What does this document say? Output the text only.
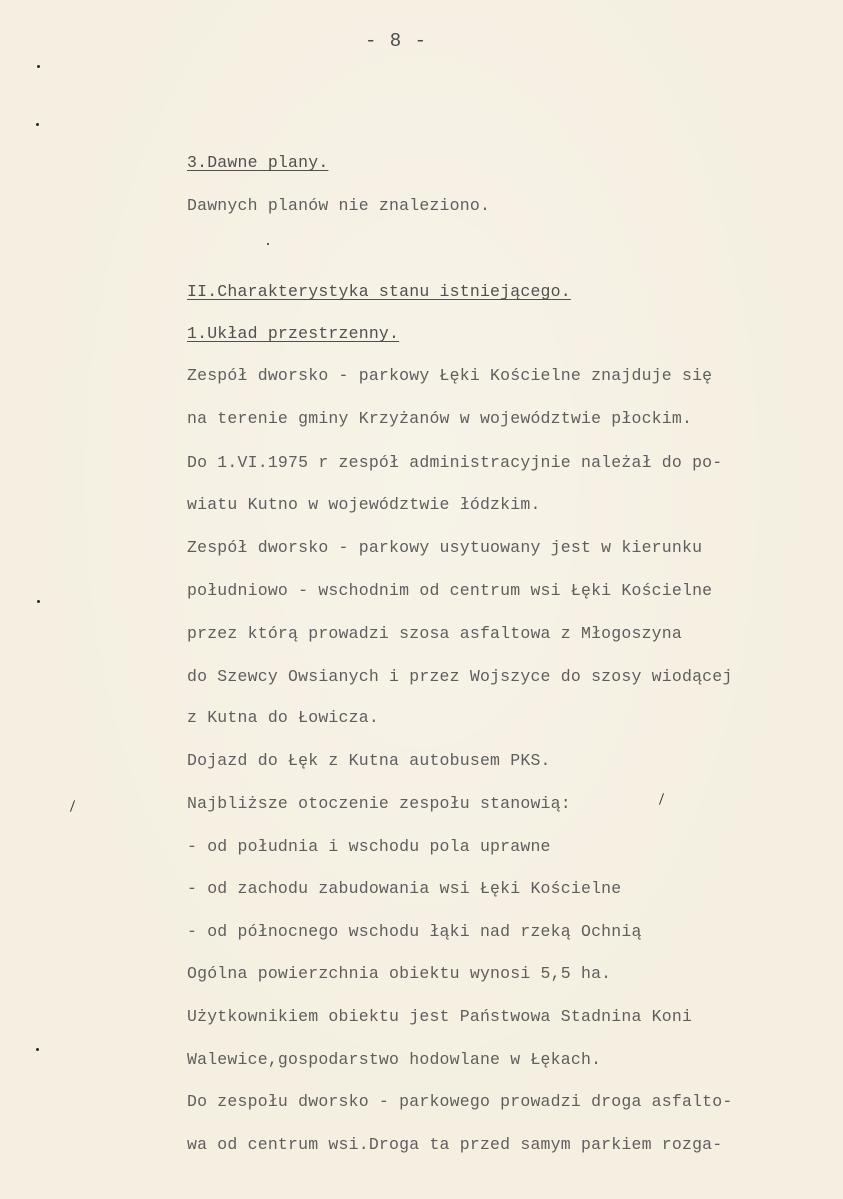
- 8 -
3.Dawne plany.
Dawnych planów nie znaleziono.
II.Charakterystyka stanu istniejącego.
1.Układ przestrzenny.
Zespół dworsko - parkowy Łęki Kościelne znajduje się
na terenie gminy Krzyżanów w województwie płockim.
Do 1.VI.1975 r zespół administracyjnie należał do po-
wiatu Kutno w województwie łódzkim.
Zespół dworsko - parkowy usytuowany jest w kierunku
południowo - wschodnim od centrum wsi Łęki Kościelne
przez którą prowadzi szosa asfaltowa z Młogoszyna
do Szewcy Owsianych i przez Wojszyce do szosy wiodącej
z Kutna do Łowicza.
Dojazd do Łęk z Kutna autobusem PKS.
Najbliższe otoczenie zespołu stanowią:
- od południa i wschodu pola uprawne
- od zachodu zabudowania wsi Łęki Kościelne
- od północnego wschodu łąki nad rzeką Ochnią
Ogólna powierzchnia obiektu wynosi 5,5 ha.
Użytkownikiem obiektu jest Państwowa Stadnina Koni
Walewice,gospodarstwo hodowlane w Łękach.
Do zespołu dworsko - parkowego prowadzi droga asfalto-
wa od centrum wsi.Droga ta przed samym parkiem rozga-
